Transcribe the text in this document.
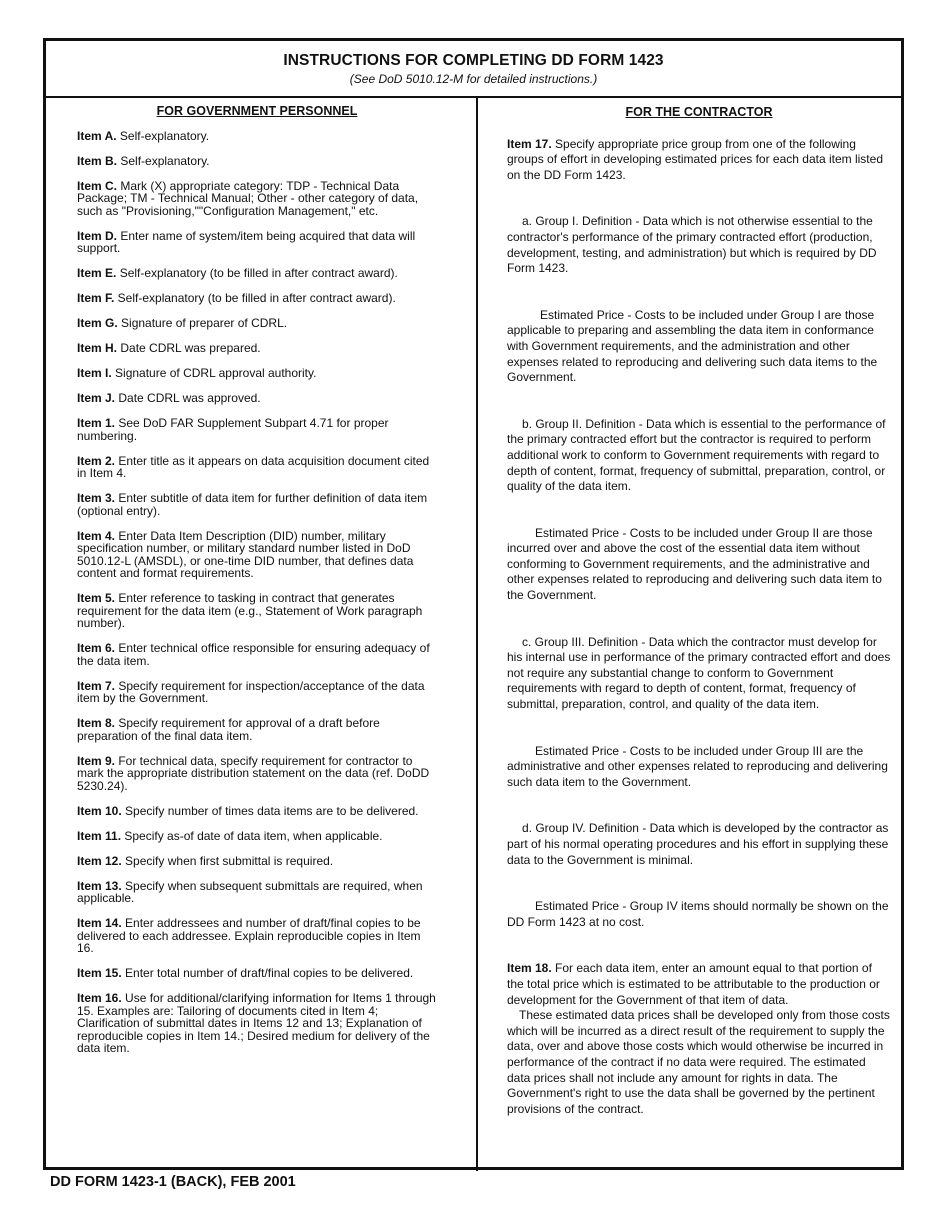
INSTRUCTIONS FOR COMPLETING DD FORM 1423
(See DoD 5010.12-M for detailed instructions.)
FOR GOVERNMENT PERSONNEL

Item A. Self-explanatory.

Item B. Self-explanatory.

Item C. Mark (X) appropriate category: TDP - Technical Data Package; TM - Technical Manual; Other - other category of data, such as "Provisioning,""Configuration Management," etc.

Item D. Enter name of system/item being acquired that data will support.

Item E. Self-explanatory (to be filled in after contract award).

Item F. Self-explanatory (to be filled in after contract award).

Item G. Signature of preparer of CDRL.

Item H. Date CDRL was prepared.

Item I. Signature of CDRL approval authority.

Item J. Date CDRL was approved.

Item 1. See DoD FAR Supplement Subpart 4.71 for proper numbering.

Item 2. Enter title as it appears on data acquisition document cited in Item 4.

Item 3. Enter subtitle of data item for further definition of data item (optional entry).

Item 4. Enter Data Item Description (DID) number, military specification number, or military standard number listed in DoD 5010.12-L (AMSDL), or one-time DID number, that defines data content and format requirements.

Item 5. Enter reference to tasking in contract that generates requirement for the data item (e.g., Statement of Work paragraph number).

Item 6. Enter technical office responsible for ensuring adequacy of the data item.

Item 7. Specify requirement for inspection/acceptance of the data item by the Government.

Item 8. Specify requirement for approval of a draft before preparation of the final data item.

Item 9. For technical data, specify requirement for contractor to mark the appropriate distribution statement on the data (ref. DoDD 5230.24).

Item 10. Specify number of times data items are to be delivered.

Item 11. Specify as-of date of data item, when applicable.

Item 12. Specify when first submittal is required.

Item 13. Specify when subsequent submittals are required, when applicable.

Item 14. Enter addressees and number of draft/final copies to be delivered to each addressee. Explain reproducible copies in Item 16.

Item 15. Enter total number of draft/final copies to be delivered.

Item 16. Use for additional/clarifying information for Items 1 through 15. Examples are: Tailoring of documents cited in Item 4; Clarification of submittal dates in Items 12 and 13; Explanation of reproducible copies in Item 14.; Desired medium for delivery of the data item.

FOR THE CONTRACTOR

Item 17. Specify appropriate price group from one of the following groups of effort in developing estimated prices for each data item listed on the DD Form 1423.

a. Group I. Definition - Data which is not otherwise essential to the contractor's performance of the primary contracted effort (production, development, testing, and administration) but which is required by DD Form 1423.

Estimated Price - Costs to be included under Group I are those applicable to preparing and assembling the data item in conformance with Government requirements, and the administration and other expenses related to reproducing and delivering such data items to the Government.

b. Group II. Definition - Data which is essential to the performance of the primary contracted effort but the contractor is required to perform additional work to conform to Government requirements with regard to depth of content, format, frequency of submittal, preparation, control, or quality of the data item.

Estimated Price - Costs to be included under Group II are those incurred over and above the cost of the essential data item without conforming to Government requirements, and the administrative and other expenses related to reproducing and delivering such data item to the Government.

c. Group III. Definition - Data which the contractor must develop for his internal use in performance of the primary contracted effort and does not require any substantial change to conform to Government requirements with regard to depth of content, format, frequency of submittal, preparation, control, and quality of the data item.

Estimated Price - Costs to be included under Group III are the administrative and other expenses related to reproducing and delivering such data item to the Government.

d. Group IV. Definition - Data which is developed by the contractor as part of his normal operating procedures and his effort in supplying these data to the Government is minimal.

Estimated Price - Group IV items should normally be shown on the DD Form 1423 at no cost.

Item 18. For each data item, enter an amount equal to that portion of the total price which is estimated to be attributable to the production or development for the Government of that item of data.

These estimated data prices shall be developed only from those costs which will be incurred as a direct result of the requirement to supply the data, over and above those costs which would otherwise be incurred in performance of the contract if no data were required. The estimated data prices shall not include any amount for rights in data. The Government's right to use the data shall be governed by the pertinent provisions of the contract.

DD FORM 1423-1 (BACK), FEB 2001
